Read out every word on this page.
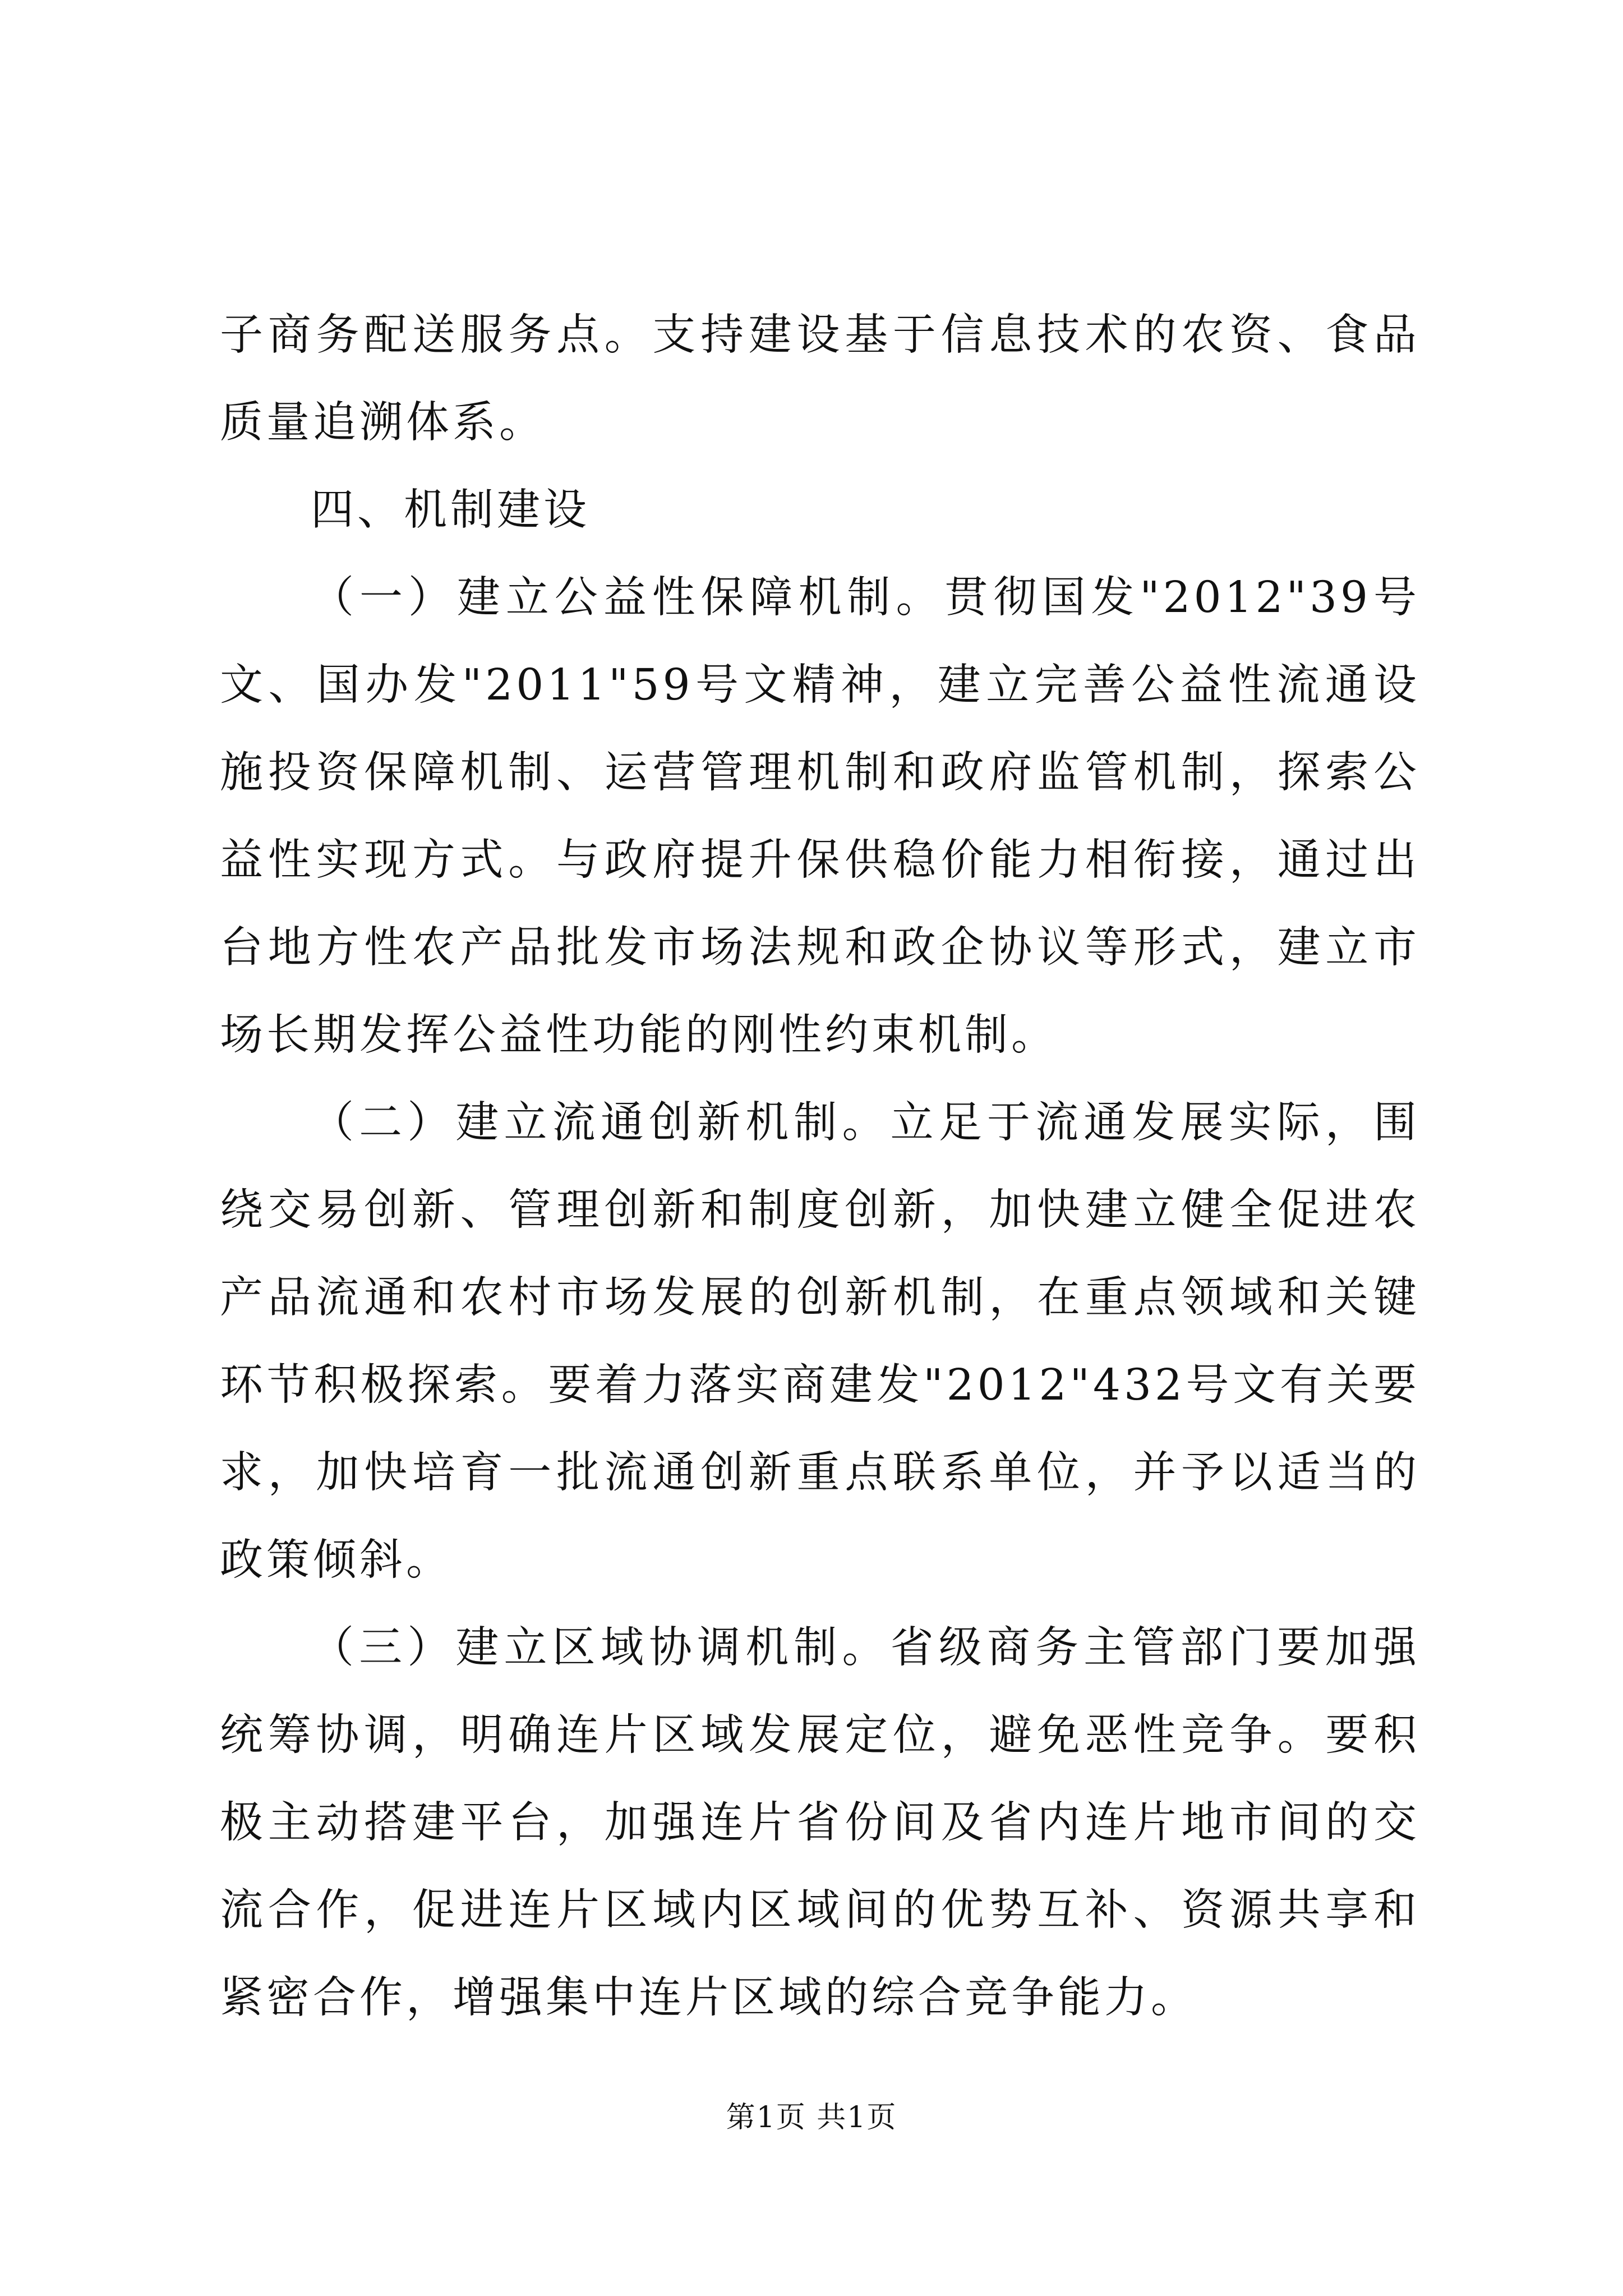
子商务配送服务点。支持建设基于信息技术的农资、食品质量追溯体系。

四、机制建设

（一）建立公益性保障机制。贯彻国发"2012"39号文、国办发"2011"59号文精神，建立完善公益性流通设施投资保障机制、运营管理机制和政府监管机制，探索公益性实现方式。与政府提升保供稳价能力相衔接，通过出台地方性农产品批发市场法规和政企协议等形式，建立市场长期发挥公益性功能的刚性约束机制。

（二）建立流通创新机制。立足于流通发展实际，围绕交易创新、管理创新和制度创新，加快建立健全促进农产品流通和农村市场发展的创新机制，在重点领域和关键环节积极探索。要着力落实商建发"2012"432号文有关要求，加快培育一批流通创新重点联系单位，并予以适当的政策倾斜。

（三）建立区域协调机制。省级商务主管部门要加强统筹协调，明确连片区域发展定位，避免恶性竞争。要积极主动搭建平台，加强连片省份间及省内连片地市间的交流合作，促进连片区域内区域间的优势互补、资源共享和紧密合作，增强集中连片区域的综合竞争能力。

第1页 共1页
